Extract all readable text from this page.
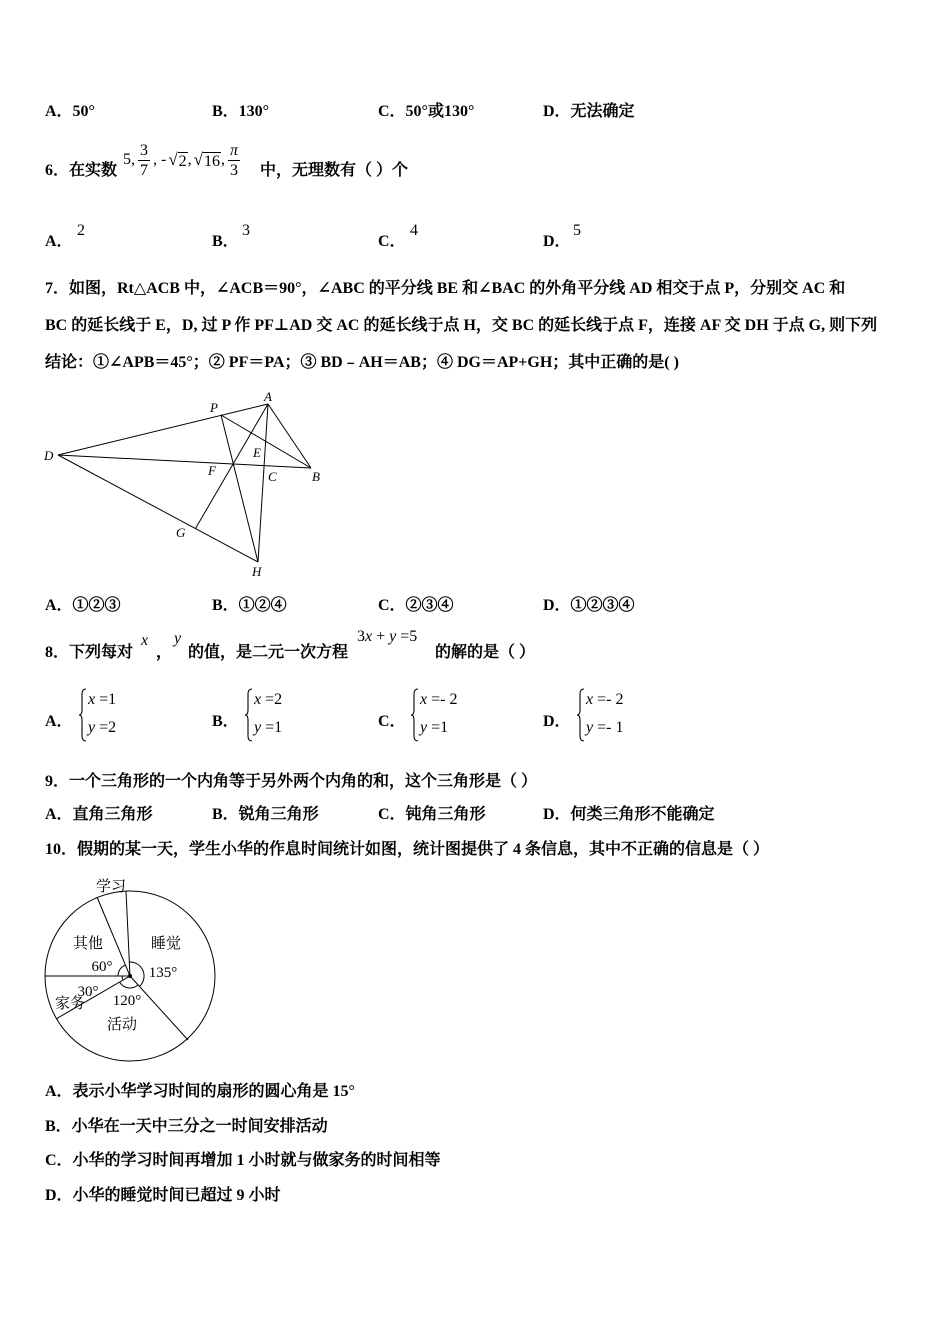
A．50°	B．130°	C．50°或130°	D．无法确定
6．在实数
5, $\frac{3}{7}$ , - √ 2 , √ 16 , $\frac{\pi}{3}$ 中，无理数有（ ）个
A．
2
B．
3
C．
4
D．
5
7．如图，Rt△ACB 中，∠ACB＝90°，∠ABC 的平分线 BE 和∠BAC 的外角平分线 AD 相交于点 P，分别交 AC 和
BC 的延长线于 E，D, 过 P 作 PF⊥AD 交 AC 的延长线于点 H，交 BC 的延长线于点 F，连接 AF 交 DH 于点 G, 则下列
结论：①∠APB＝45°；② PF＝PA；③ BD﹣AH＝AB；④ DG＝AP+GH；其中正确的是( )
P
A
D	E
F	C	B
G
H
A．①②③	B．①②④	C．②③④	D．①②③④
8．下列每对
x
，
y
的值，是二元一次方程
3x + y =5
的解的是（ ）
A．
x =1
y =2	B．
x =2
y =1	C．
x =- 2
y =1	D．
x =- 2
y =- 1
9．一个三角形的一个内角等于另外两个内角的和，这个三角形是（ ）
A．直角三角形	B．锐角三角形	C．钝角三角形	D．何类三角形不能确定
10．假期的某一天，学生小华的作息时间统计如图，统计图提供了 4 条信息，其中不正确的信息是（ ）
学习
其他	睡觉
60° 135°
30°
家务 120°
活动
A．表示小华学习时间的扇形的圆心角是 15°
B．小华在一天中三分之一时间安排活动
C．小华的学习时间再增加 1 小时就与做家务的时间相等
D．小华的睡觉时间已超过 9 小时
